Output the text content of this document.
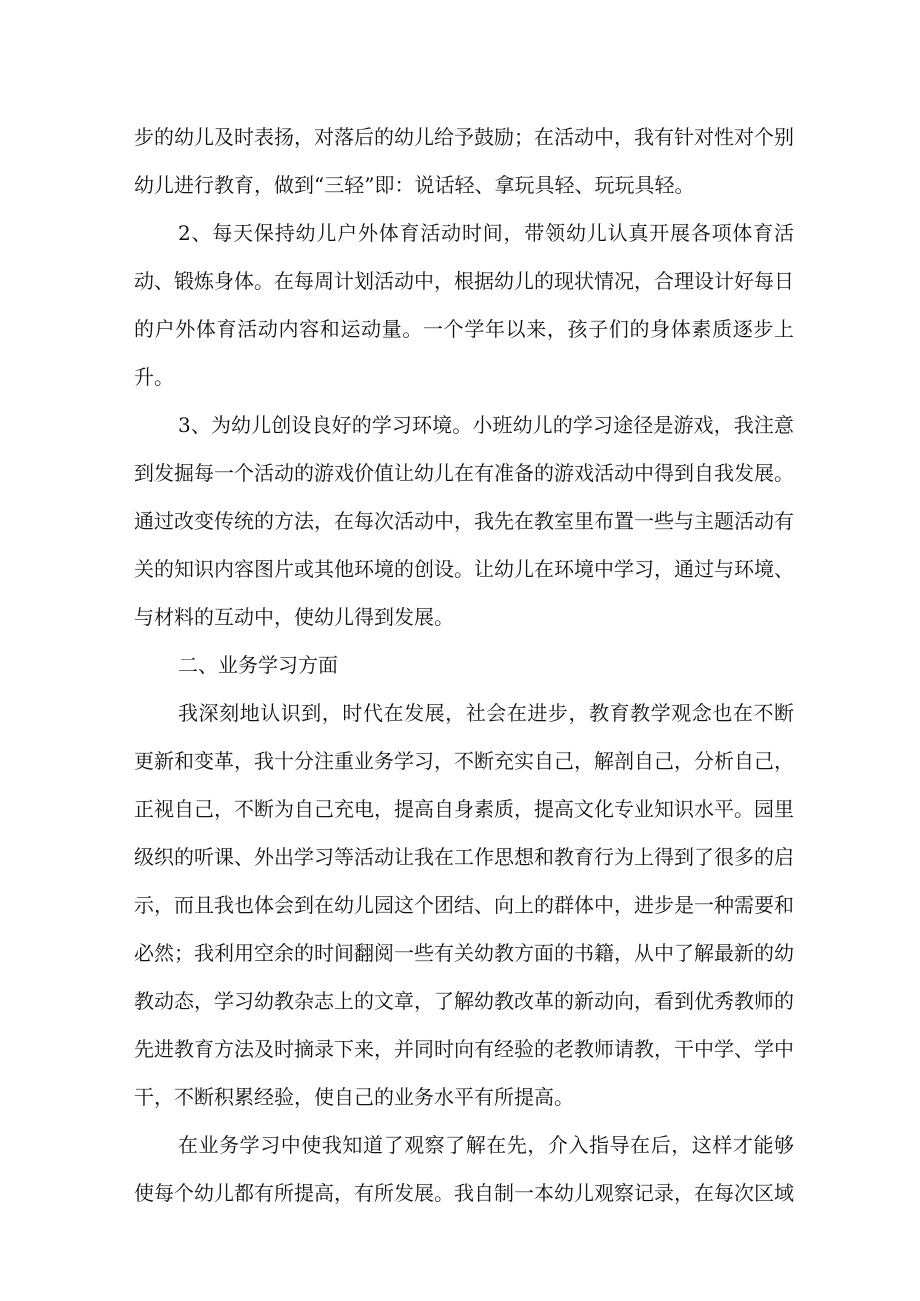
步的幼儿及时表扬，对落后的幼儿给予鼓励；在活动中，我有针对性对个别幼儿进行教育，做到“三轻”即：说话轻、拿玩具轻、玩玩具轻。

2、每天保持幼儿户外体育活动时间，带领幼儿认真开展各项体育活动、锻炼身体。在每周计划活动中，根据幼儿的现状情况，合理设计好每日的户外体育活动内容和运动量。一个学年以来，孩子们的身体素质逐步上升。

3、为幼儿创设良好的学习环境。小班幼儿的学习途径是游戏，我注意到发掘每一个活动的游戏价值让幼儿在有准备的游戏活动中得到自我发展。通过改变传统的方法，在每次活动中，我先在教室里布置一些与主题活动有关的知识内容图片或其他环境的创设。让幼儿在环境中学习，通过与环境、与材料的互动中，使幼儿得到发展。

二、业务学习方面

我深刻地认识到，时代在发展，社会在进步，教育教学观念也在不断更新和变革，我十分注重业务学习，不断充实自己，解剖自己，分析自己，正视自己，不断为自己充电，提高自身素质，提高文化专业知识水平。园里级织的听课、外出学习等活动让我在工作思想和教育行为上得到了很多的启示，而且我也体会到在幼儿园这个团结、向上的群体中，进步是一种需要和必然；我利用空余的时间翻阅一些有关幼教方面的书籍，从中了解最新的幼教动态，学习幼教杂志上的文章，了解幼教改革的新动向，看到优秀教师的先进教育方法及时摘录下来，并同时向有经验的老教师请教，干中学、学中干，不断积累经验，使自己的业务水平有所提高。

在业务学习中使我知道了观察了解在先，介入指导在后，这样才能够使每个幼儿都有所提高，有所发展。我自制一本幼儿观察记录，在每次区域
